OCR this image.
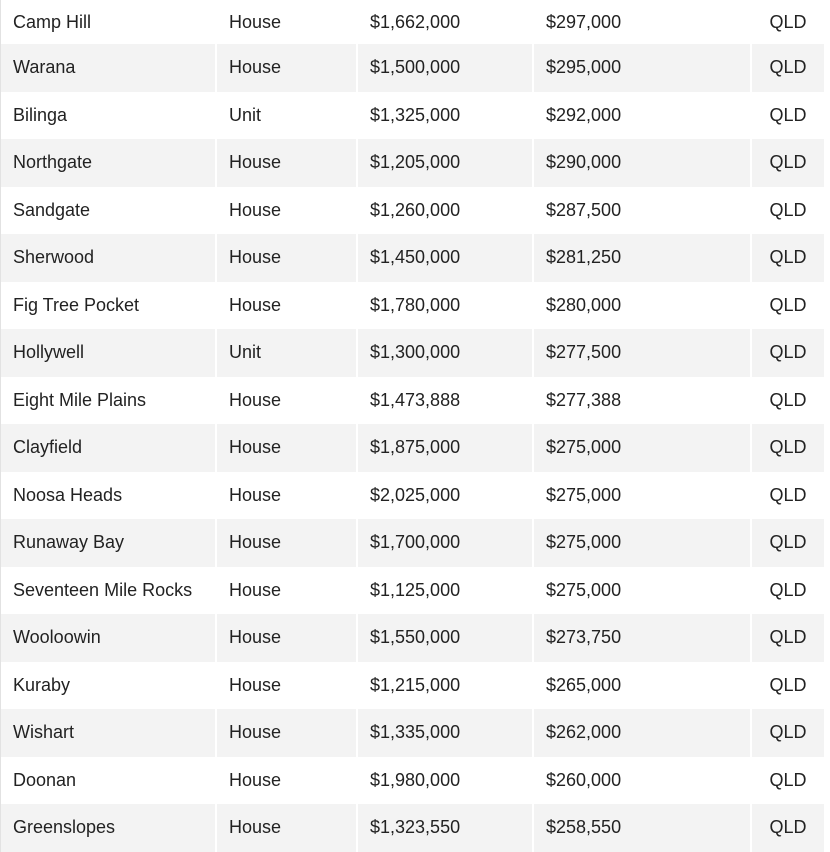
Camp Hill	House	$1,662,000	$297,000	QLD
Warana	House	$1,500,000	$295,000	QLD
Bilinga	Unit	$1,325,000	$292,000	QLD
Northgate	House	$1,205,000	$290,000	QLD
Sandgate	House	$1,260,000	$287,500	QLD
Sherwood	House	$1,450,000	$281,250	QLD
Fig Tree Pocket	House	$1,780,000	$280,000	QLD
Hollywell	Unit	$1,300,000	$277,500	QLD
Eight Mile Plains	House	$1,473,888	$277,388	QLD
Clayfield	House	$1,875,000	$275,000	QLD
Noosa Heads	House	$2,025,000	$275,000	QLD
Runaway Bay	House	$1,700,000	$275,000	QLD
Seventeen Mile Rocks	House	$1,125,000	$275,000	QLD
Wooloowin	House	$1,550,000	$273,750	QLD
Kuraby	House	$1,215,000	$265,000	QLD
Wishart	House	$1,335,000	$262,000	QLD
Doonan	House	$1,980,000	$260,000	QLD
Greenslopes	House	$1,323,550	$258,550	QLD
